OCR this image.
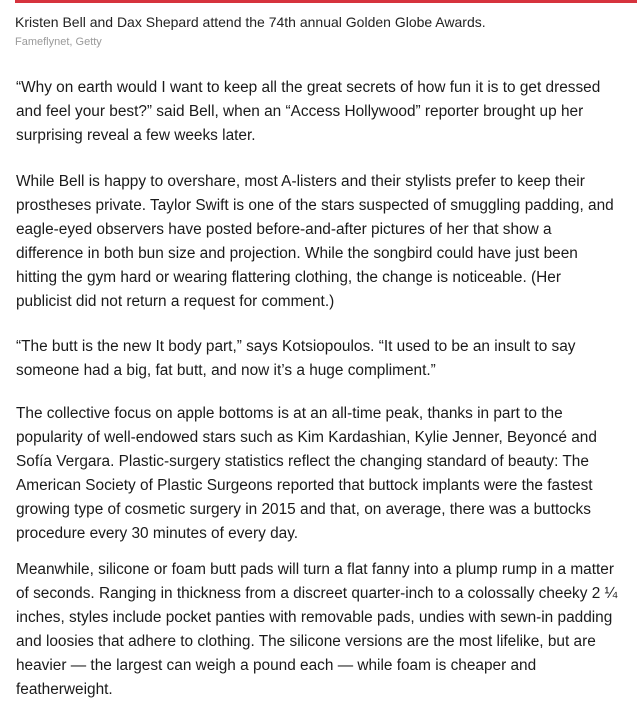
Kristen Bell and Dax Shepard attend the 74th annual Golden Globe Awards.
Fameflynet, Getty

“Why on earth would I want to keep all the great secrets of how fun it is to get dressed
and feel your best?” said Bell, when an “Access Hollywood” reporter brought up her
surprising reveal a few weeks later.

While Bell is happy to overshare, most A-listers and their stylists prefer to keep their
prostheses private. Taylor Swift is one of the stars suspected of smuggling padding, and
eagle-eyed observers have posted before-and-after pictures of her that show a
difference in both bun size and projection. While the songbird could have just been
hitting the gym hard or wearing flattering clothing, the change is noticeable. (Her
publicist did not return a request for comment.)

“The butt is the new It body part,” says Kotsiopoulos. “It used to be an insult to say
someone had a big, fat butt, and now it’s a huge compliment.”

The collective focus on apple bottoms is at an all-time peak, thanks in part to the
popularity of well-endowed stars such as Kim Kardashian, Kylie Jenner, Beyoncé and
Sofía Vergara. Plastic-surgery statistics reflect the changing standard of beauty: The
American Society of Plastic Surgeons reported that buttock implants were the fastest
growing type of cosmetic surgery in 2015 and that, on average, there was a buttocks
procedure every 30 minutes of every day.

Meanwhile, silicone or foam butt pads will turn a flat fanny into a plump rump in a matter
of seconds. Ranging in thickness from a discreet quarter-inch to a colossally cheeky 2 ¼
inches, styles include pocket panties with removable pads, undies with sewn-in padding
and loosies that adhere to clothing. The silicone versions are the most lifelike, but are
heavier — the largest can weigh a pound each — while foam is cheaper and
featherweight.
